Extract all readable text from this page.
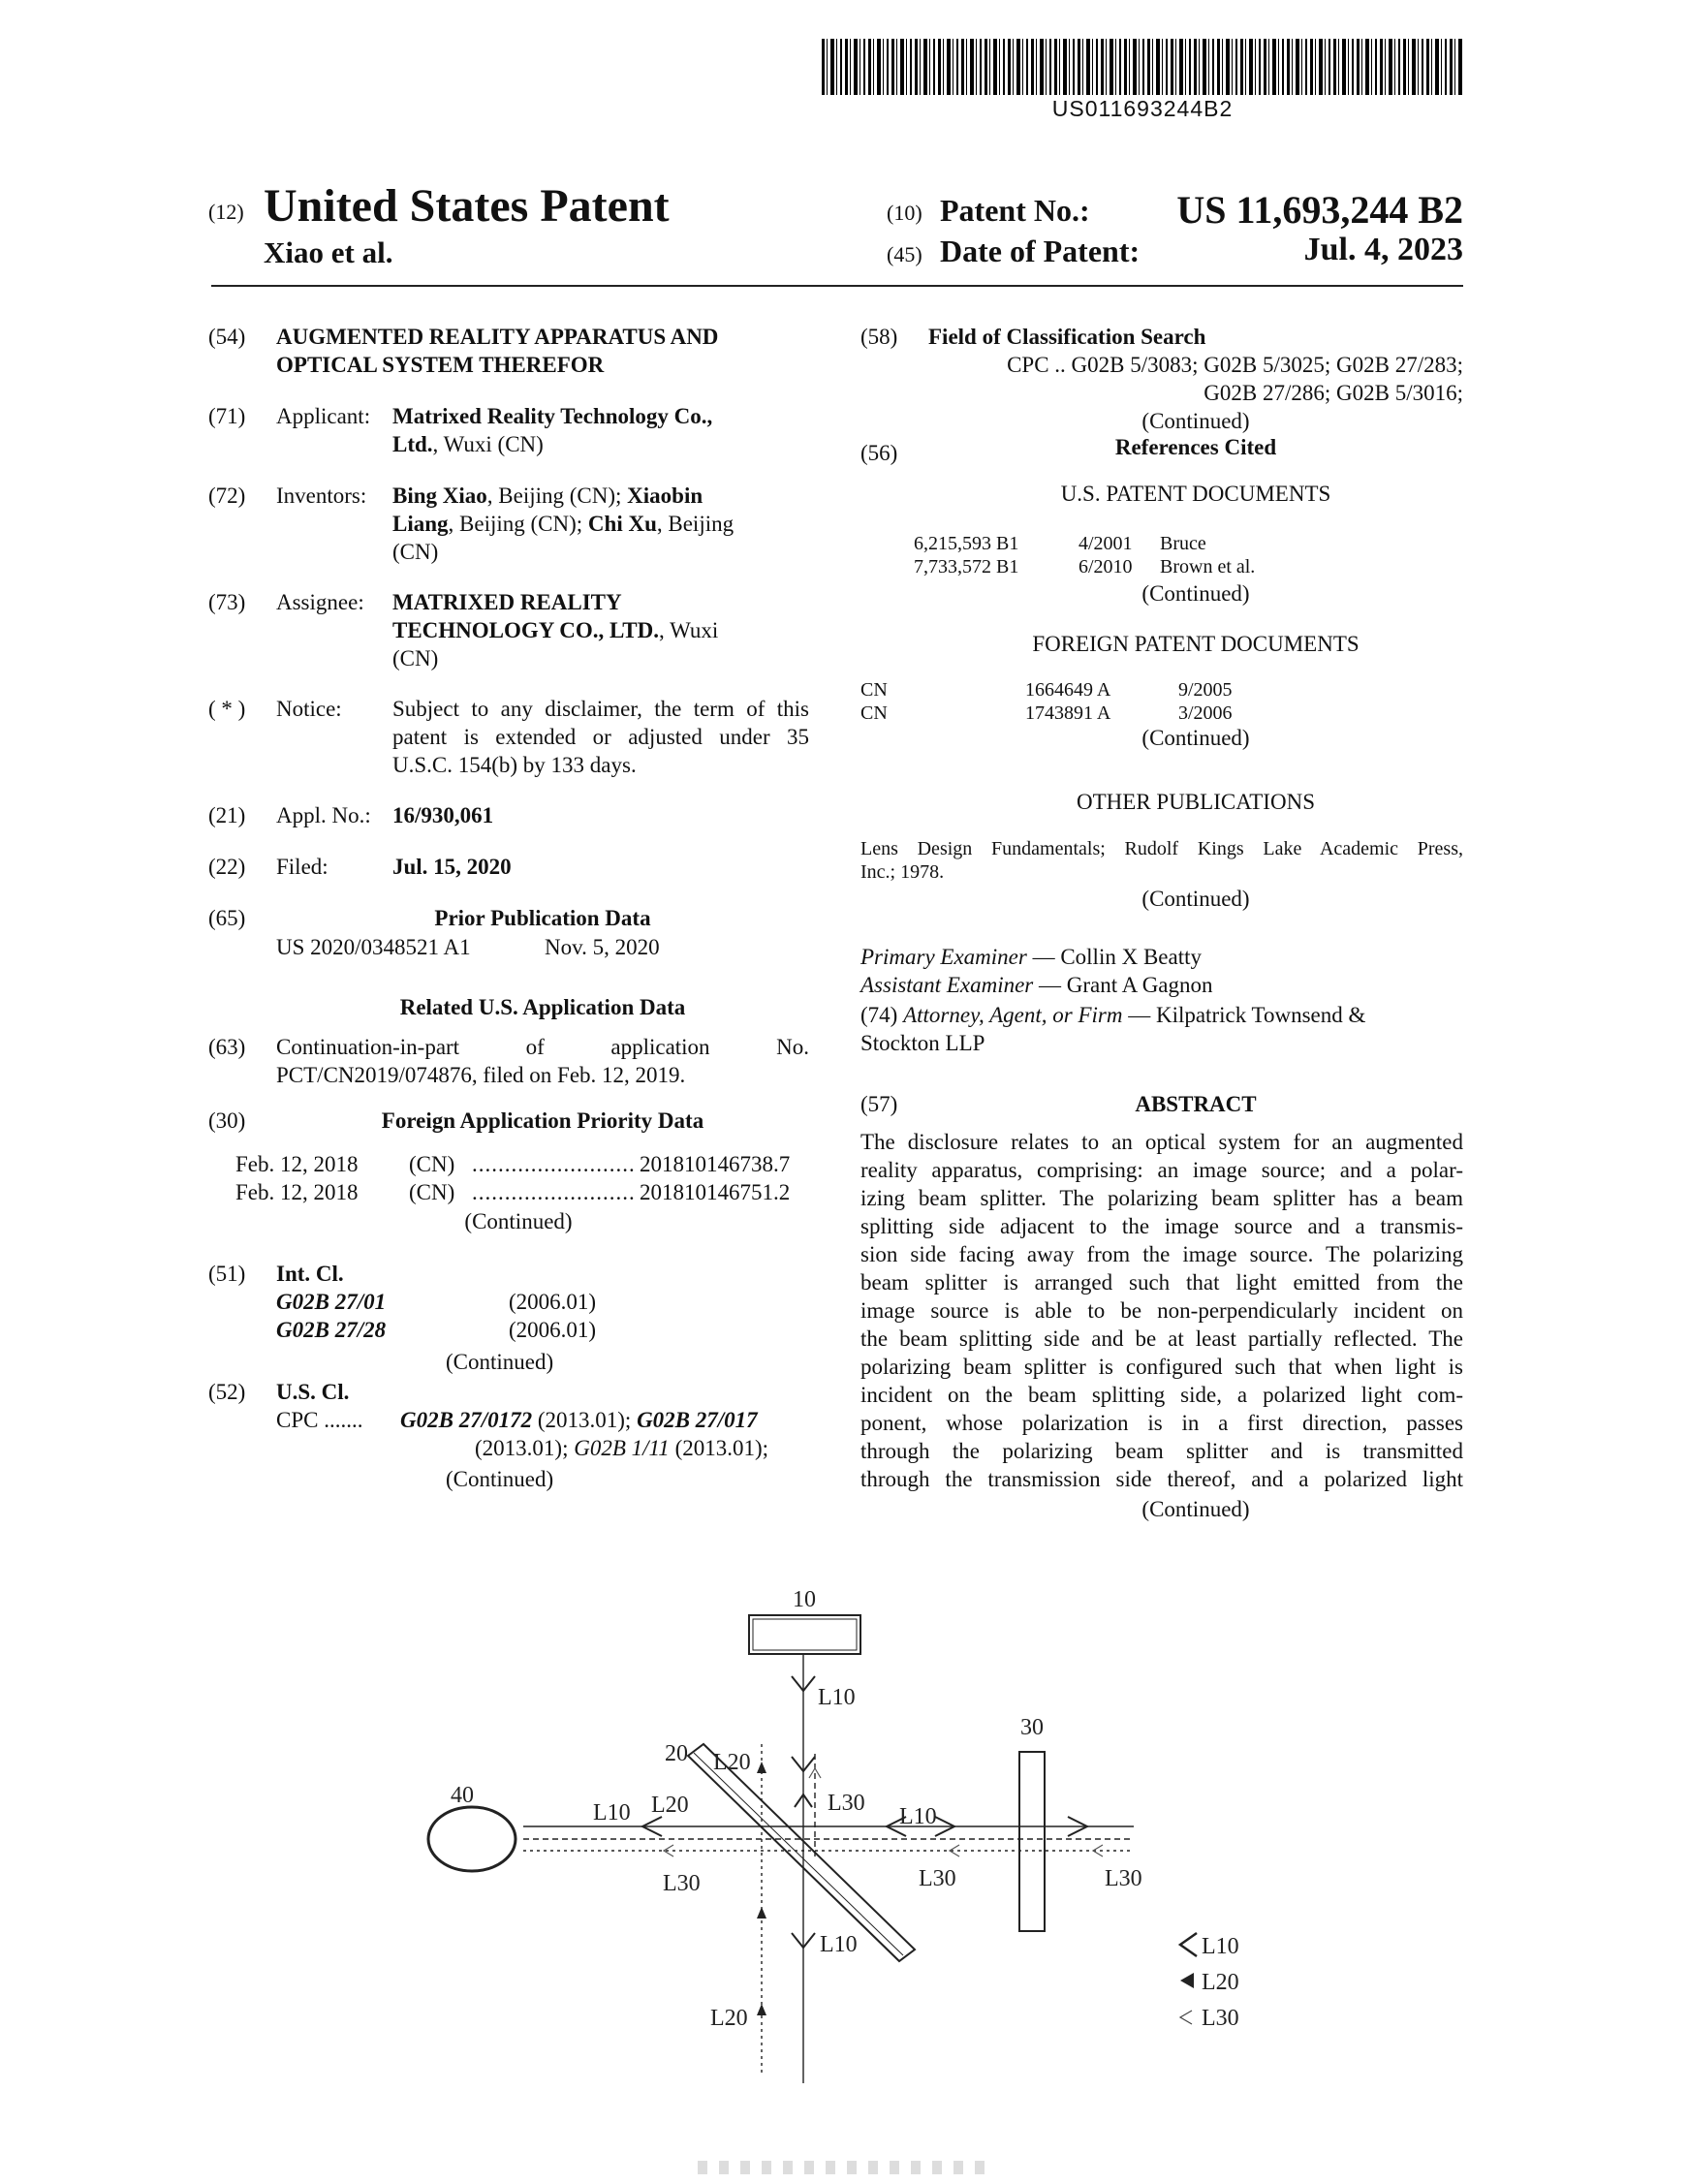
US011693244B2
(12) United States Patent
Xiao et al.
(10) Patent No.:	US 11,693,244 B2
(45) Date of Patent:	Jul. 4, 2023
(54) AUGMENTED REALITY APPARATUS AND
OPTICAL SYSTEM THEREFOR
(71) Applicant: Matrixed Reality Technology Co.,
Ltd., Wuxi (CN)
(72) Inventors: Bing Xiao, Beijing (CN); Xiaobin
Liang, Beijing (CN); Chi Xu, Beijing
(CN)
(73) Assignee: MATRIXED REALITY
TECHNOLOGY CO., LTD., Wuxi
(CN)
( * ) Notice: Subject to any disclaimer, the term of this
patent is extended or adjusted under 35
U.S.C. 154(b) by 133 days.
(21) Appl. No.: 16/930,061
(22) Filed:	Jul. 15, 2020
(65)	Prior Publication Data
US 2020/0348521 A1	Nov. 5, 2020
Related U.S. Application Data
(63) Continuation-in-part	of	application	No.
PCT/CN2019/074876, filed on Feb. 12, 2019.
(30)	Foreign Application Priority Data
Feb. 12, 2018 (CN) ......................... 201810146738.7
Feb. 12, 2018 (CN) ......................... 201810146751.2
(Continued)
(51) Int. Cl.
G02B 27/01	(2006.01)
G02B 27/28	(2006.01)
(Continued)
(52) U.S. Cl.
CPC ....... G02B 27/0172 (2013.01); G02B 27/017
(2013.01); G02B 1/11 (2013.01);
(Continued)
(58) Field of Classification Search
CPC .. G02B 5/3083; G02B 5/3025; G02B 27/283;
G02B 27/286; G02B 5/3016;
(Continued)
(56)	References Cited
U.S. PATENT DOCUMENTS
6,215,593 B1	4/2001 Bruce
7,733,572 B1	6/2010 Brown et al.
(Continued)
FOREIGN PATENT DOCUMENTS
CN	1664649 A	9/2005
CN	1743891 A	3/2006
(Continued)
OTHER PUBLICATIONS
Lens Design Fundamentals; Rudolf Kings Lake Academic Press,
Inc.; 1978.
(Continued)
Primary Examiner — Collin X Beatty
Assistant Examiner — Grant A Gagnon
(74) Attorney, Agent, or Firm — Kilpatrick Townsend &
Stockton LLP
(57)	ABSTRACT
The disclosure relates to an optical system for an augmented
reality apparatus, comprising: an image source; and a polar-
izing beam splitter. The polarizing beam splitter has a beam
splitting side adjacent to the image source and a transmis-
sion side facing away from the image source. The polarizing
beam splitter is arranged such that light emitted from the
image source is able to be non-perpendicularly incident on
the beam splitting side and be at least partially reflected. The
polarizing beam splitter is configured such that when light is
incident on the beam splitting side, a polarized light com-
ponent, whose polarization is in a first direction, passes
through the polarizing beam splitter and is transmitted
through the transmission side thereof, and a polarized light
(Continued)
10
L10
20 L20
30
40
L10 L20	L30
L10
L30	L30	L30
L10
L20
L10
L20
L30
